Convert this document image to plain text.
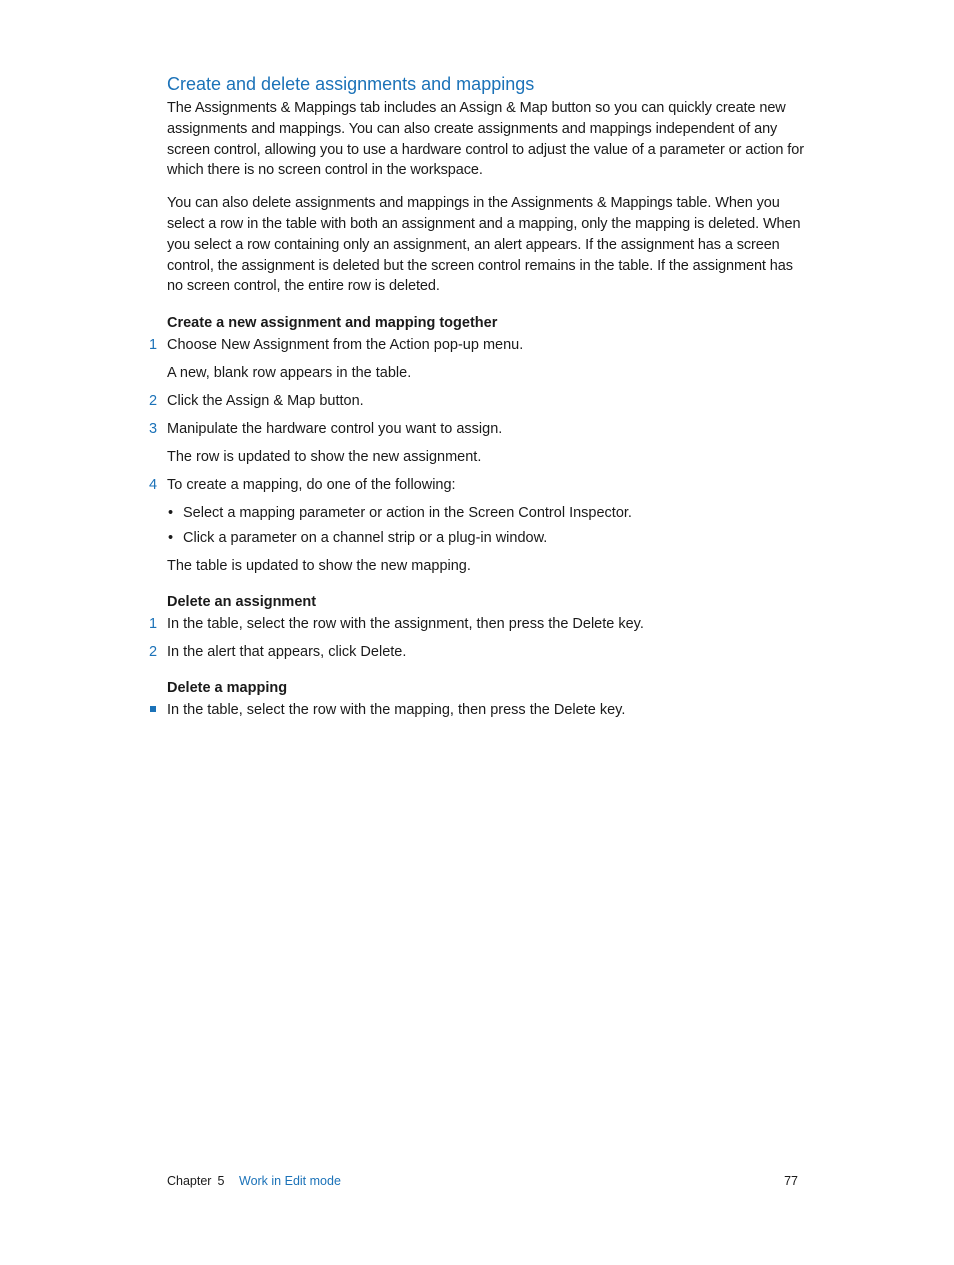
Create and delete assignments and mappings

The Assignments & Mappings tab includes an Assign & Map button so you can quickly create new assignments and mappings. You can also create assignments and mappings independent of any screen control, allowing you to use a hardware control to adjust the value of a parameter or action for which there is no screen control in the workspace.

You can also delete assignments and mappings in the Assignments & Mappings table. When you select a row in the table with both an assignment and a mapping, only the mapping is deleted. When you select a row containing only an assignment, an alert appears. If the assignment has a screen control, the assignment is deleted but the screen control remains in the table. If the assignment has no screen control, the entire row is deleted.

Create a new assignment and mapping together
1 Choose New Assignment from the Action pop-up menu.
A new, blank row appears in the table.
2 Click the Assign & Map button.
3 Manipulate the hardware control you want to assign.
The row is updated to show the new assignment.
4 To create a mapping, do one of the following:
• Select a mapping parameter or action in the Screen Control Inspector.
• Click a parameter on a channel strip or a plug-in window.
The table is updated to show the new mapping.
Delete an assignment
1 In the table, select the row with the assignment, then press the Delete key.
2 In the alert that appears, click Delete.
Delete a mapping
In the table, select the row with the mapping, then press the Delete key.
Chapter 5 Work in Edit mode	77
